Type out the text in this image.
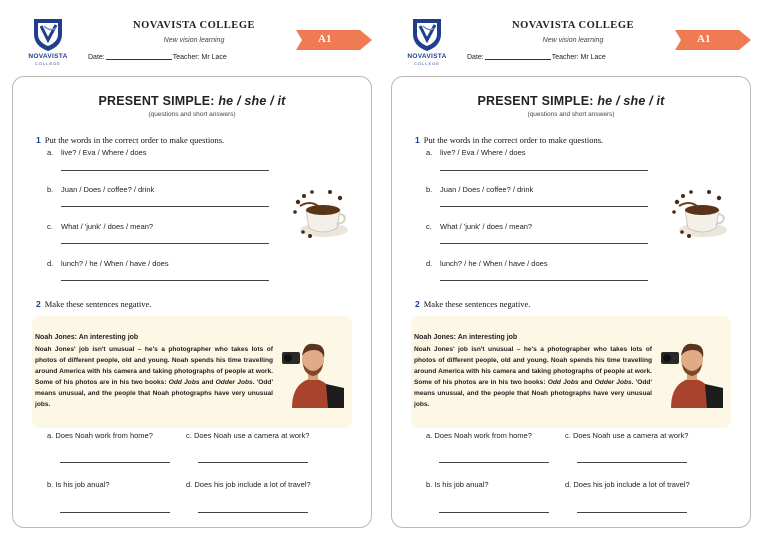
NOVAVISTA
COLLEGE
NOVAVISTA COLLEGE
New vision learning
Date:	Teacher: Mr Lace
A1
PRESENT SIMPLE: he / she / it
(questions and short answers)
1 Put the words in the correct order to make questions.
a. live? / Eva / Where / does
b. Juan / Does / coffee? / drink
c. What / 'junk' / does / mean?
d. lunch? / he / When / have / does
2 Make these sentences negative.
Noah Jones: An interesting job
Noah Jones' job isn't unusual – he's a photographer who takes lots of photos of different people, old and young. Noah spends his time travelling around America with his camera and taking photographs of people at work. Some of his photos are in his two books: Odd Jobs and Odder Jobs. 'Odd' means unusual, and the people that Noah photographs have very unusual jobs.
a. Does Noah work from home?	c. Does Noah use a camera at work?
b. Is his job anual?	d. Does his job include a lot of travel?
NOVAVISTA
COLLEGE
NOVAVISTA COLLEGE
New vision learning
Date:	Teacher: Mr Lace
A1
PRESENT SIMPLE: he / she / it
(questions and short answers)
1 Put the words in the correct order to make questions.
a. live? / Eva / Where / does
b. Juan / Does / coffee? / drink
c. What / 'junk' / does / mean?
d. lunch? / he / When / have / does
2 Make these sentences negative.
Noah Jones: An interesting job
Noah Jones' job isn't unusual – he's a photographer who takes lots of photos of different people, old and young. Noah spends his time travelling around America with his camera and taking photographs of people at work. Some of his photos are in his two books: Odd Jobs and Odder Jobs. 'Odd' means unusual, and the people that Noah photographs have very unusual jobs.
a. Does Noah work from home?	c. Does Noah use a camera at work?
b. Is his job anual?	d. Does his job include a lot of travel?
